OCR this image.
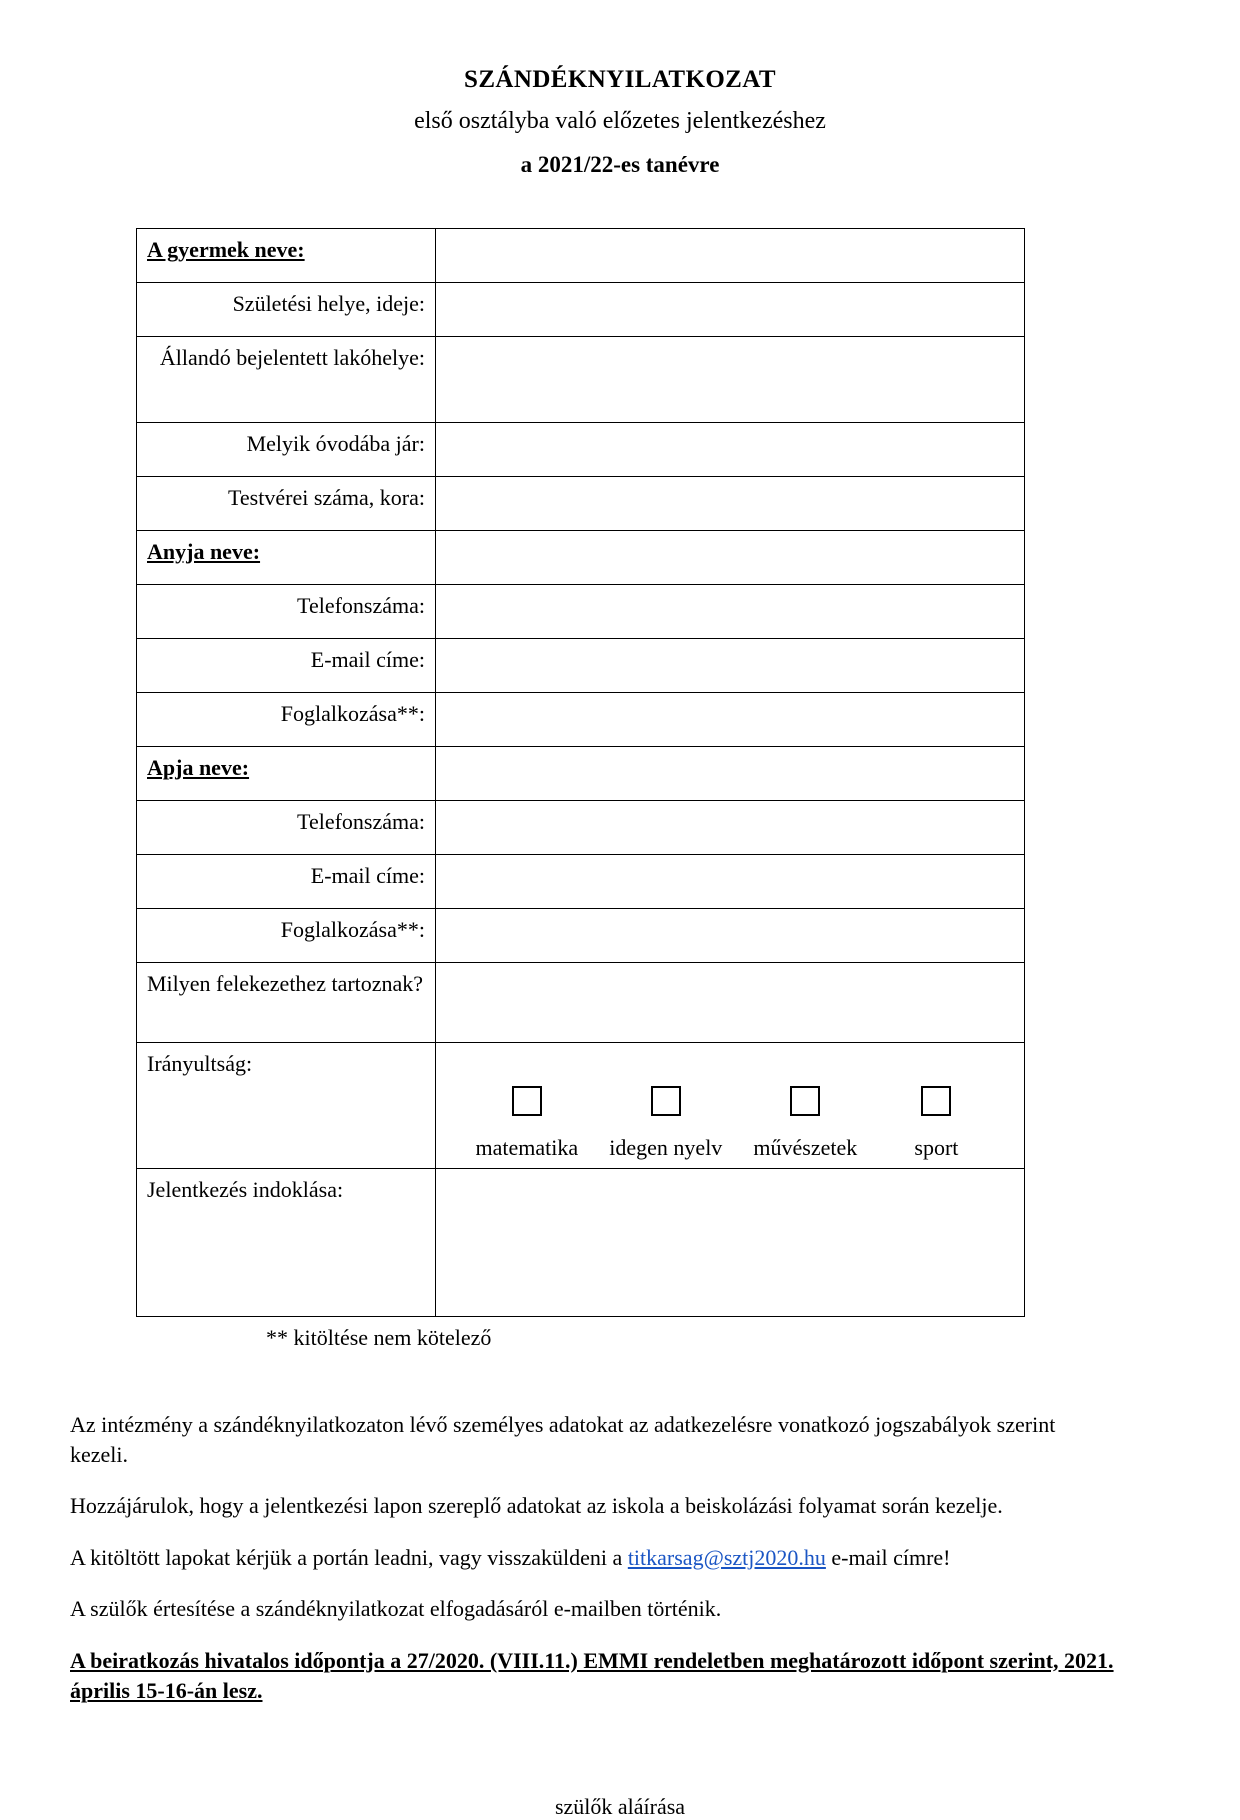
SZÁNDÉKNYILATKOZAT
első osztályba való előzetes jelentkezéshez
a 2021/22-es tanévre
A gyermek neve:	
Születési helye, ideje:	
Állandó bejelentett lakóhelye:	
Melyik óvodába jár:	
Testvérei száma, kora:	
Anyja neve:	
Telefonszáma:	
E-mail címe:	
Foglalkozása**:	
Apja neve:	
Telefonszáma:	
E-mail címe:	
Foglalkozása**:	
Milyen felekezethez tartoznak?	
Irányultság:	matematika idegen nyelv művészetek sport

Jelentkezés indoklása:	
** kitöltése nem kötelező

Az intézmény a szándéknyilatkozaton lévő személyes adatokat az adatkezelésre vonatkozó jogszabályok szerint kezeli.

Hozzájárulok, hogy a jelentkezési lapon szereplő adatokat az iskola a beiskolázási folyamat során kezelje.

A kitöltött lapokat kérjük a portán leadni, vagy visszaküldeni a titkarsag@sztj2020.hu e-mail címre!

A szülők értesítése a szándéknyilatkozat elfogadásáról e-mailben történik.

A beiratkozás hivatalos időpontja a 27/2020. (VIII.11.) EMMI rendeletben meghatározott időpont szerint, 2021. április 15-16-án lesz.

szülők aláírása
